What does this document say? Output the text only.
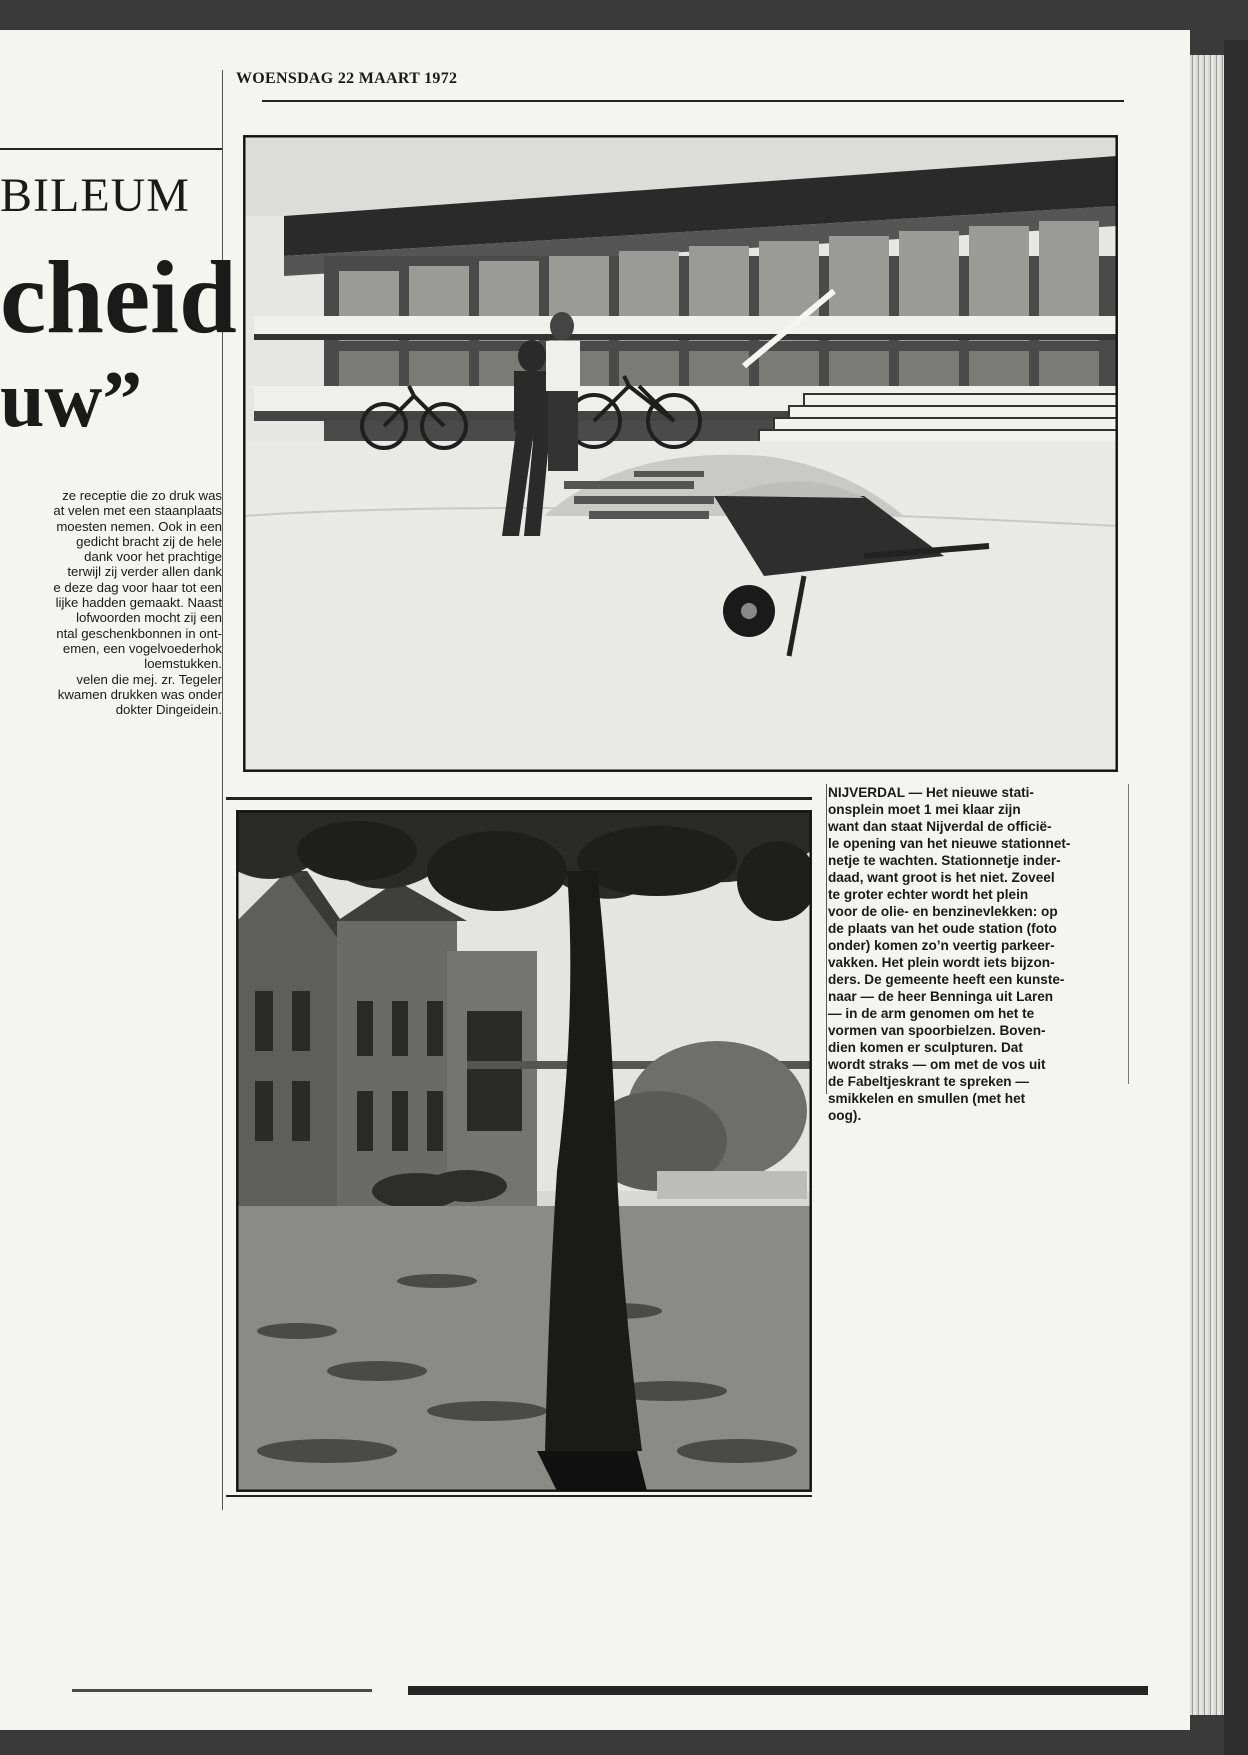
WOENSDAG 22 MAART 1972
BILEUM
cheid
uw”
ze receptie die zo druk was
at velen met een staanplaats
moesten nemen. Ook in een
gedicht bracht zij de hele
dank voor het prachtige
terwijl zij verder allen dank
e deze dag voor haar tot een
lijke hadden gemaakt. Naast
lofwoorden mocht zij een
ntal geschenkbonnen in ont-
emen, een vogelvoederhok
loemstukken.
velen die mej. zr. Tegeler
kwamen drukken was onder
dokter Dingeidein.
NIJVERDAL — Het nieuwe stati-
onsplein moet 1 mei klaar zijn
want dan staat Nijverdal de officië-
le opening van het nieuwe stationnet-
netje te wachten. Stationnetje inder-
daad, want groot is het niet. Zoveel
te groter echter wordt het plein
voor de olie- en benzinevlekken: op
de plaats van het oude station (foto
onder) komen zo’n veertig parkeer-
vakken. Het plein wordt iets bijzon-
ders. De gemeente heeft een kunste-
naar — de heer Benninga uit Laren
— in de arm genomen om het te
vormen van spoorbielzen. Boven-
dien komen er sculpturen. Dat
wordt straks — om met de vos uit
de Fabeltjeskrant te spreken —
smikkelen en smullen (met het
oog).
